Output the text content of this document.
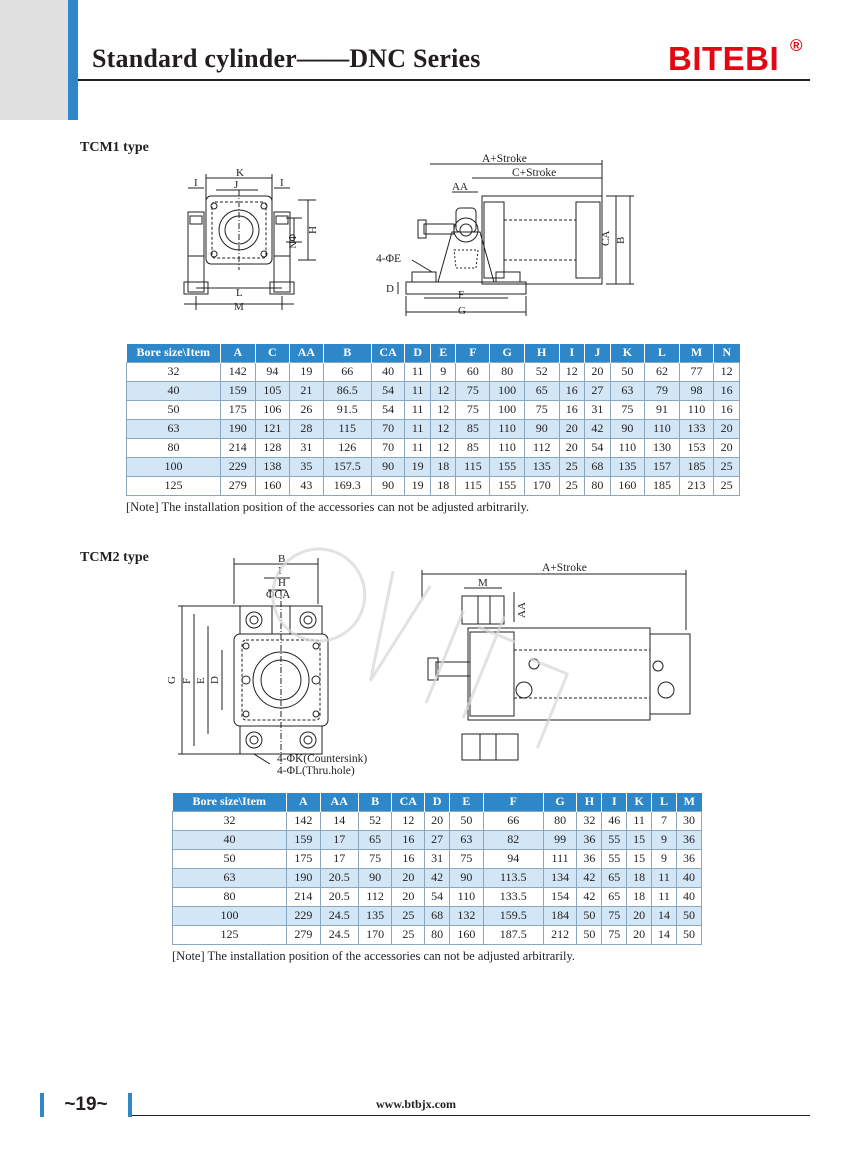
Standard cylinder——DNC Series	BITEBI ®
TCM1 type
K
J
I	I
ΦN
H
L
M
A+Stroke
C+Stroke
AA
4-ΦE
D	F
G
CA B
Bore size\Item	A	C	AA	B	CA	D	E	F	G	H	I	J	K	L	M	N
32	142	94	19	66	40	11	9	60	80	52	12	20	50	62	77	12
40	159	105	21	86.5	54	11	12	75	100	65	16	27	63	79	98	16
50	175	106	26	91.5	54	11	12	75	100	75	16	31	75	91	110	16
63	190	121	28	115	70	11	12	85	110	90	20	42	90	110	133	20
80	214	128	31	126	70	11	12	85	110	112	20	54	110	130	153	20
100	229	138	35	157.5	90	19	18	115	155	135	25	68	135	157	185	25
125	279	160	43	169.3	90	19	18	115	155	170	25	80	160	185	213	25
[Note] The installation position of the accessories can not be adjusted arbitrarily.
TCM2 type	B
I
H
ΦCA
G F E D
4-ΦK(Countersink)
4-ΦL(Thru.hole)
A+Stroke
M
AA
Bore size\Item	A	AA	B	CA	D	E	F	G	H	I	K	L	M
32	142	14	52	12	20	50	66	80	32	46	11	7	30
40	159	17	65	16	27	63	82	99	36	55	15	9	36
50	175	17	75	16	31	75	94	111	36	55	15	9	36
63	190	20.5	90	20	42	90	113.5	134	42	65	18	11	40
80	214	20.5	112	20	54	110	133.5	154	42	65	18	11	40
100	229	24.5	135	25	68	132	159.5	184	50	75	20	14	50
125	279	24.5	170	25	80	160	187.5	212	50	75	20	14	50
[Note] The installation position of the accessories can not be adjusted arbitrarily.
~19~	www.btbjx.com
